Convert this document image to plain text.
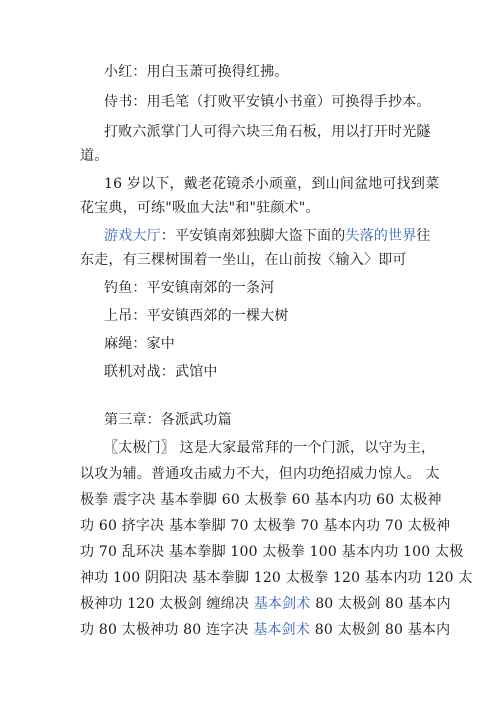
小红：用白玉萧可换得红拂。
侍书：用毛笔（打败平安镇小书童）可换得手抄本。
打败六派掌门人可得六块三角石板，用以打开时光隧
道。
16 岁以下，戴老花镜杀小顽童，到山间盆地可找到菜
花宝典，可练"吸血大法"和"驻颜术"。
游戏大厅：平安镇南郊独脚大盗下面的失落的世界往
东走，有三棵树围着一坐山，在山前按〈输入〉即可
钓鱼：平安镇南郊的一条河
上吊：平安镇西郊的一棵大树
麻绳：家中
联机对战：武馆中
第三章：各派武功篇
〖太极门〗 这是大家最常拜的一个门派，以守为主，
以攻为辅。普通攻击威力不大，但内功绝招威力惊人。 太
极拳 震字决 基本拳脚 60 太极拳 60 基本内功 60 太极神
功 60 挤字决 基本拳脚 70 太极拳 70 基本内功 70 太极神
功 70 乱环决 基本拳脚 100 太极拳 100 基本内功 100 太极
神功 100 阴阳决 基本拳脚 120 太极拳 120 基本内功 120 太
极神功 120 太极剑 缠绵决 基本剑术 80 太极剑 80 基本内
功 80 太极神功 80 连字决 基本剑术 80 太极剑 80 基本内
